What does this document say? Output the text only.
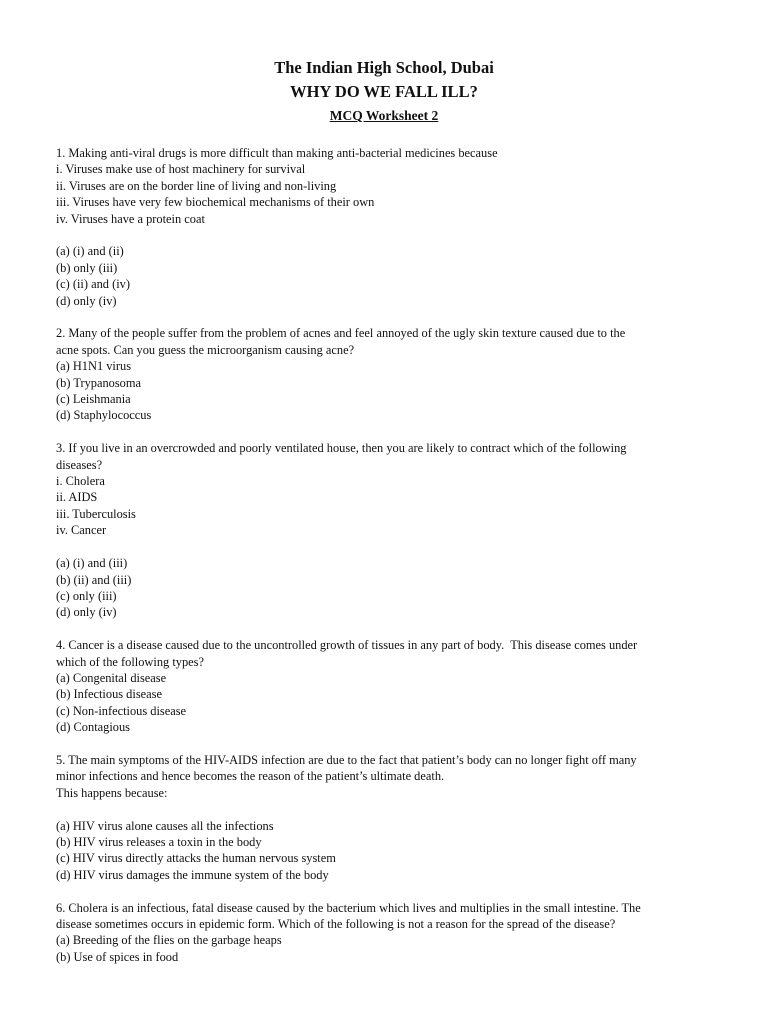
The Indian High School, Dubai
WHY DO WE FALL ILL?
MCQ Worksheet 2
1. Making anti-viral drugs is more difficult than making anti-bacterial medicines because
i. Viruses make use of host machinery for survival
ii. Viruses are on the border line of living and non-living
iii. Viruses have very few biochemical mechanisms of their own
iv. Viruses have a protein coat
(a) (i) and (ii)
(b) only (iii)
(c) (ii) and (iv)
(d) only (iv)
2. Many of the people suffer from the problem of acnes and feel annoyed of the ugly skin texture caused due to the
acne spots. Can you guess the microorganism causing acne?
(a) H1N1 virus
(b) Trypanosoma
(c) Leishmania
(d) Staphylococcus
3. If you live in an overcrowded and poorly ventilated house, then you are likely to contract which of the following
diseases?
i. Cholera
ii. AIDS
iii. Tuberculosis
iv. Cancer
(a) (i) and (iii)
(b) (ii) and (iii)
(c) only (iii)
(d) only (iv)
4. Cancer is a disease caused due to the uncontrolled growth of tissues in any part of body.  This disease comes under
which of the following types?
(a) Congenital disease
(b) Infectious disease
(c) Non-infectious disease
(d) Contagious
5. The main symptoms of the HIV-AIDS infection are due to the fact that patient’s body can no longer fight off many
minor infections and hence becomes the reason of the patient’s ultimate death.
This happens because:
(a) HIV virus alone causes all the infections
(b) HIV virus releases a toxin in the body
(c) HIV virus directly attacks the human nervous system
(d) HIV virus damages the immune system of the body
6. Cholera is an infectious, fatal disease caused by the bacterium which lives and multiplies in the small intestine. The
disease sometimes occurs in epidemic form. Which of the following is not a reason for the spread of the disease?
(a) Breeding of the flies on the garbage heaps
(b) Use of spices in food
